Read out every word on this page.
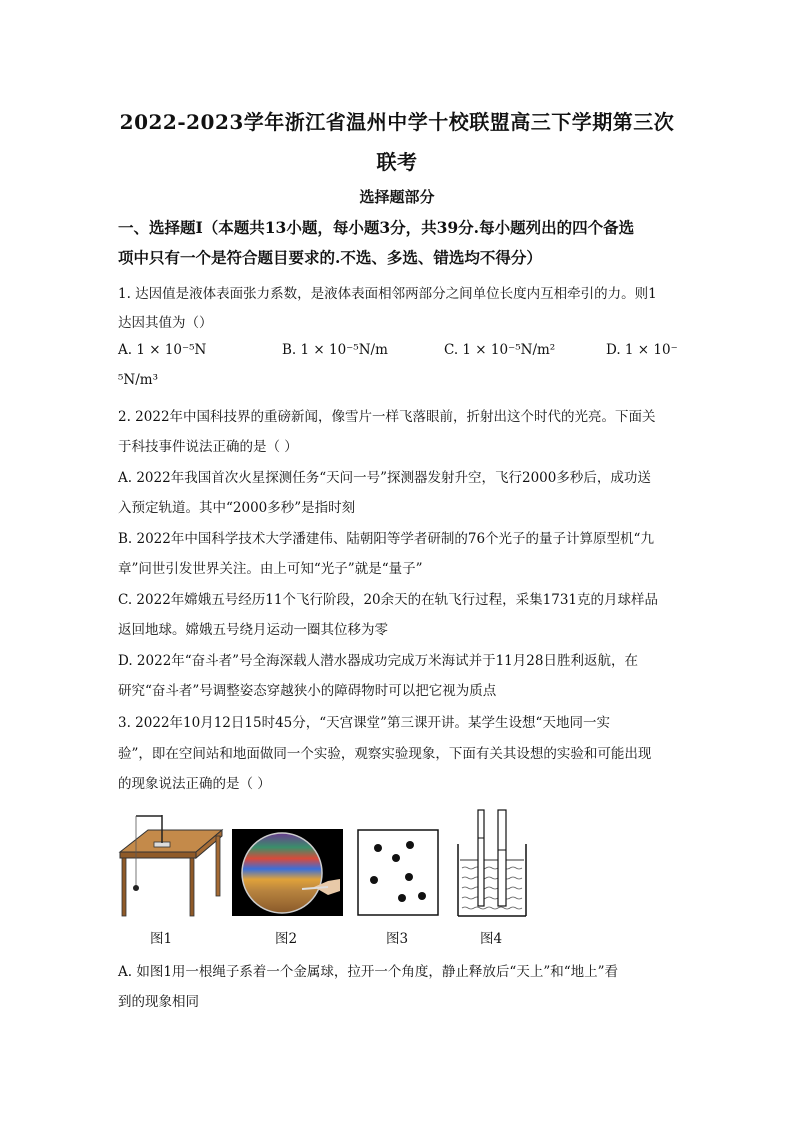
2022-2023学年浙江省温州中学十校联盟高三下学期第三次
联考
选择题部分
一、选择题Ⅰ（本题共13小题，每小题3分，共39分.每小题列出的四个备选
项中只有一个是符合题目要求的.不选、多选、错选均不得分）
1. 达因值是液体表面张力系数，是液体表面相邻两部分之间单位长度内互相牵引的力。则1
达因其值为（）
A. 1 × 10⁻⁵N	B. 1 × 10⁻⁵N/m	C. 1 × 10⁻⁵N/m²	D. 1 × 10⁻
⁵N/m³
2. 2022年中国科技界的重磅新闻，像雪片一样飞落眼前，折射出这个时代的光亮。下面关
于科技事件说法正确的是（ ）
A. 2022年我国首次火星探测任务“天问一号”探测器发射升空，飞行2000多秒后，成功送
入预定轨道。其中“2000多秒”是指时刻
B. 2022年中国科学技术大学潘建伟、陆朝阳等学者研制的76个光子的量子计算原型机“九
章”问世引发世界关注。由上可知“光子”就是“量子”
C. 2022年嫦娥五号经历11个飞行阶段，20余天的在轨飞行过程，采集1731克的月球样品
返回地球。嫦娥五号绕月运动一圈其位移为零
D. 2022年“奋斗者”号全海深载人潜水器成功完成万米海试并于11月28日胜利返航，在
研究“奋斗者”号调整姿态穿越狭小的障碍物时可以把它视为质点
3. 2022年10月12日15时45分，“天宫课堂”第三课开讲。某学生设想“天地同一实
验”，即在空间站和地面做同一个实验，观察实验现象，下面有关其设想的实验和可能出现
的现象说法正确的是（ ）
图1	图2	图3	图4
A. 如图1用一根绳子系着一个金属球，拉开一个角度，静止释放后“天上”和“地上”看
到的现象相同
